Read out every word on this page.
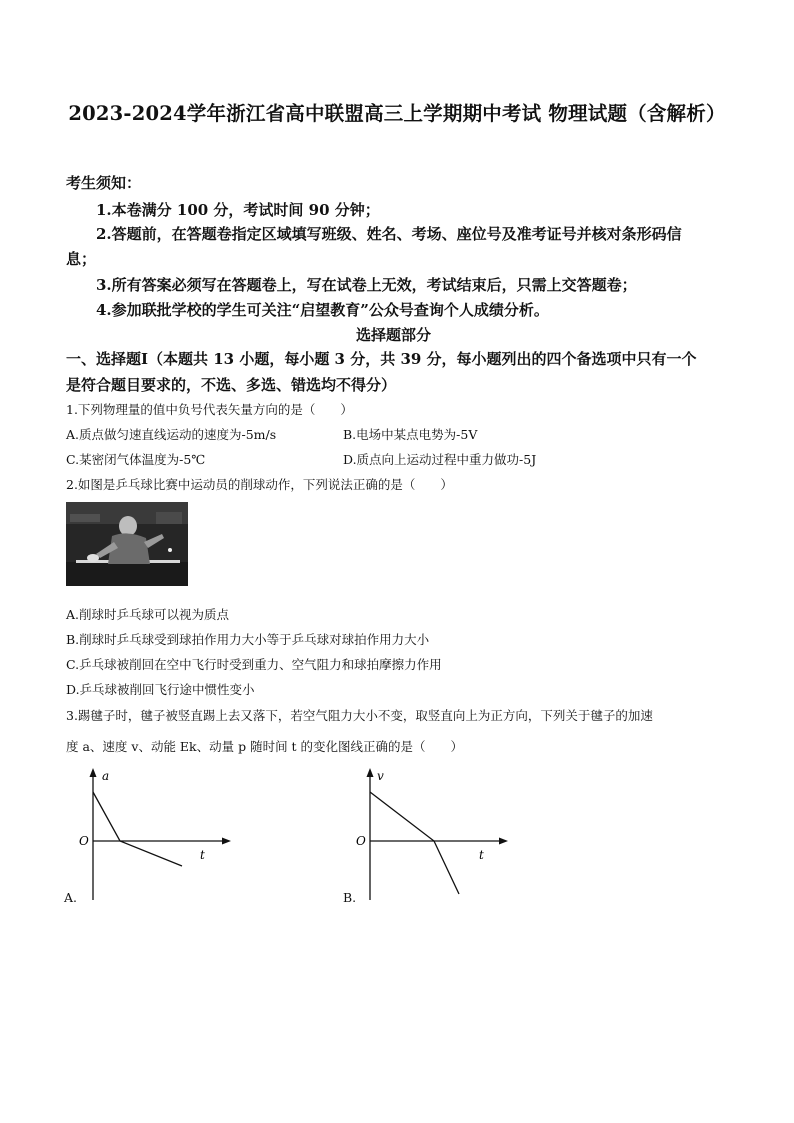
2023-2024学年浙江省高中联盟高三上学期期中考试 物理试题（含解析）
考生须知：
1.本卷满分 100 分，考试时间 90 分钟；
2.答题前，在答题卷指定区域填写班级、姓名、考场、座位号及准考证号并核对条形码信
息；
3.所有答案必须写在答题卷上，写在试卷上无效，考试结束后，只需上交答题卷；
4.参加联批学校的学生可关注“启望教育”公众号查询个人成绩分析。
选择题部分
一、选择题Ⅰ（本题共 13 小题，每小题 3 分，共 39 分，每小题列出的四个备选项中只有一个
是符合题目要求的，不选、多选、错选均不得分）
1.下列物理量的值中负号代表矢量方向的是（　　）
A.质点做匀速直线运动的速度为-5m/s	B.电场中某点电势为-5V
C.某密闭气体温度为-5℃	D.质点向上运动过程中重力做功-5J
2.如图是乒乓球比赛中运动员的削球动作，下列说法正确的是（　　）
A.削球时乒乓球可以视为质点
B.削球时乒乓球受到球拍作用力大小等于乒乓球对球拍作用力大小
C.乒乓球被削回在空中飞行时受到重力、空气阻力和球拍摩擦力作用
D.乒乓球被削回飞行途中惯性变小
3.踢毽子时，毽子被竖直踢上去又落下，若空气阻力大小不变，取竖直向上为正方向，下列关于毽子的加速
度 a、速度 v、动能 Ek、动量 p 随时间 t 的变化图线正确的是（　　）
a
t
O
A.
v
t
O
B.
